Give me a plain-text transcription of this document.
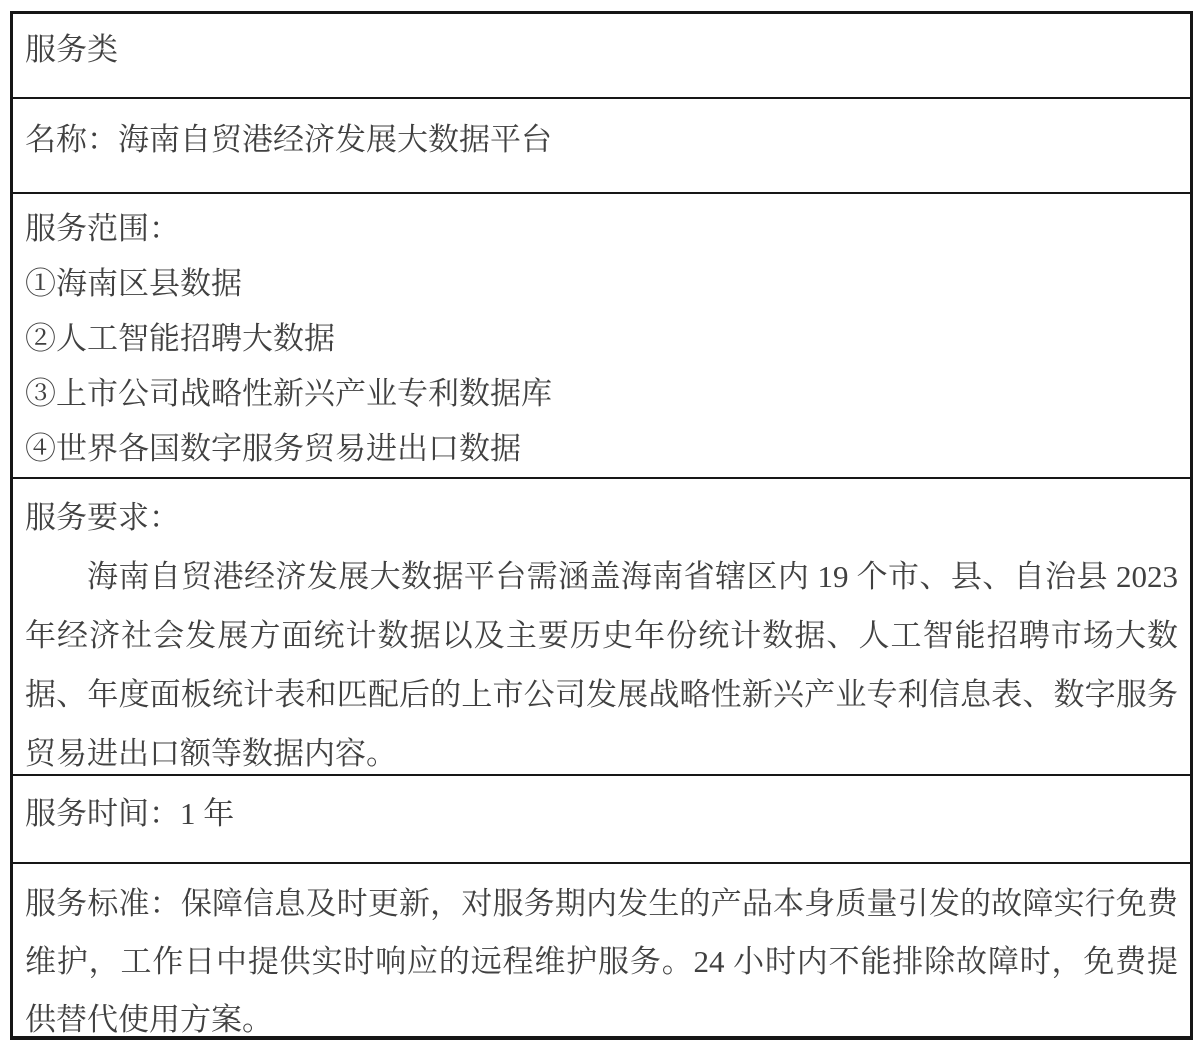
服务类
名称：海南自贸港经济发展大数据平台
服务范围：
①海南区县数据
②人工智能招聘大数据
③上市公司战略性新兴产业专利数据库
④世界各国数字服务贸易进出口数据
服务要求：
海南自贸港经济发展大数据平台需涵盖海南省辖区内 19 个市、县、自治县 2023 年经济社会发展方面统计数据以及主要历史年份统计数据、人工智能招聘市场大数据、年度面板统计表和匹配后的上市公司发展战略性新兴产业专利信息表、数字服务贸易进出口额等数据内容。
服务时间：1 年
服务标准：保障信息及时更新，对服务期内发生的产品本身质量引发的故障实行免费维护，工作日中提供实时响应的远程维护服务。24 小时内不能排除故障时，免费提供替代使用方案。
